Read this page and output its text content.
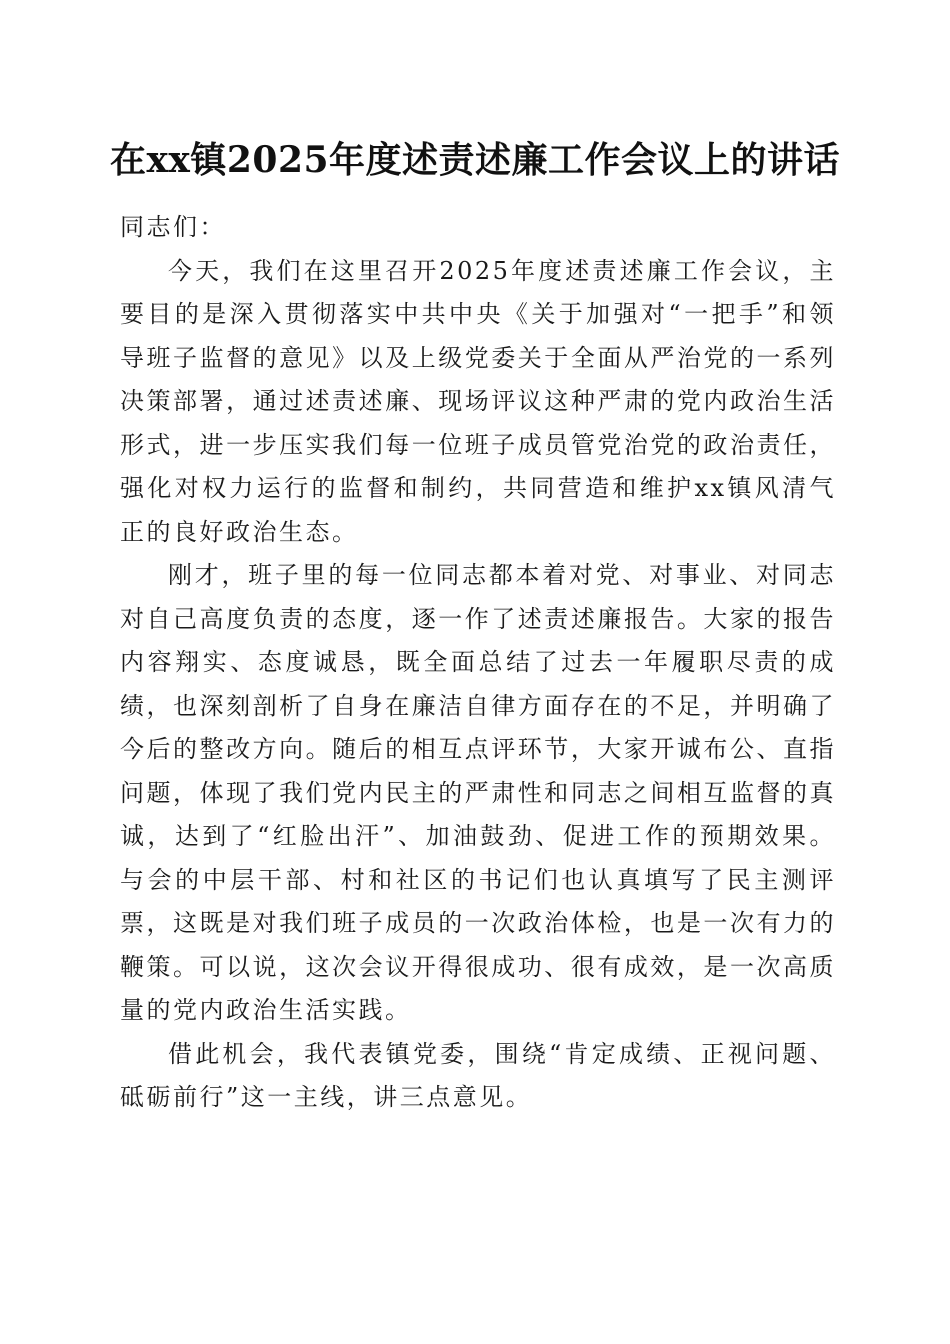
在xx镇2025年度述责述廉工作会议上的讲话

同志们：

今天，我们在这里召开2025年度述责述廉工作会议，主要目的是深入贯彻落实中共中央《关于加强对“一把手”和领导班子监督的意见》以及上级党委关于全面从严治党的一系列决策部署，通过述责述廉、现场评议这种严肃的党内政治生活形式，进一步压实我们每一位班子成员管党治党的政治责任，强化对权力运行的监督和制约，共同营造和维护xx镇风清气正的良好政治生态。

刚才，班子里的每一位同志都本着对党、对事业、对同志对自己高度负责的态度，逐一作了述责述廉报告。大家的报告内容翔实、态度诚恳，既全面总结了过去一年履职尽责的成绩，也深刻剖析了自身在廉洁自律方面存在的不足，并明确了今后的整改方向。随后的相互点评环节，大家开诚布公、直指问题，体现了我们党内民主的严肃性和同志之间相互监督的真诚，达到了“红脸出汗”、加油鼓劲、促进工作的预期效果。与会的中层干部、村和社区的书记们也认真填写了民主测评票，这既是对我们班子成员的一次政治体检，也是一次有力的鞭策。可以说，这次会议开得很成功、很有成效，是一次高质量的党内政治生活实践。

借此机会，我代表镇党委，围绕“肯定成绩、正视问题、砥砺前行”这一主线，讲三点意见。
